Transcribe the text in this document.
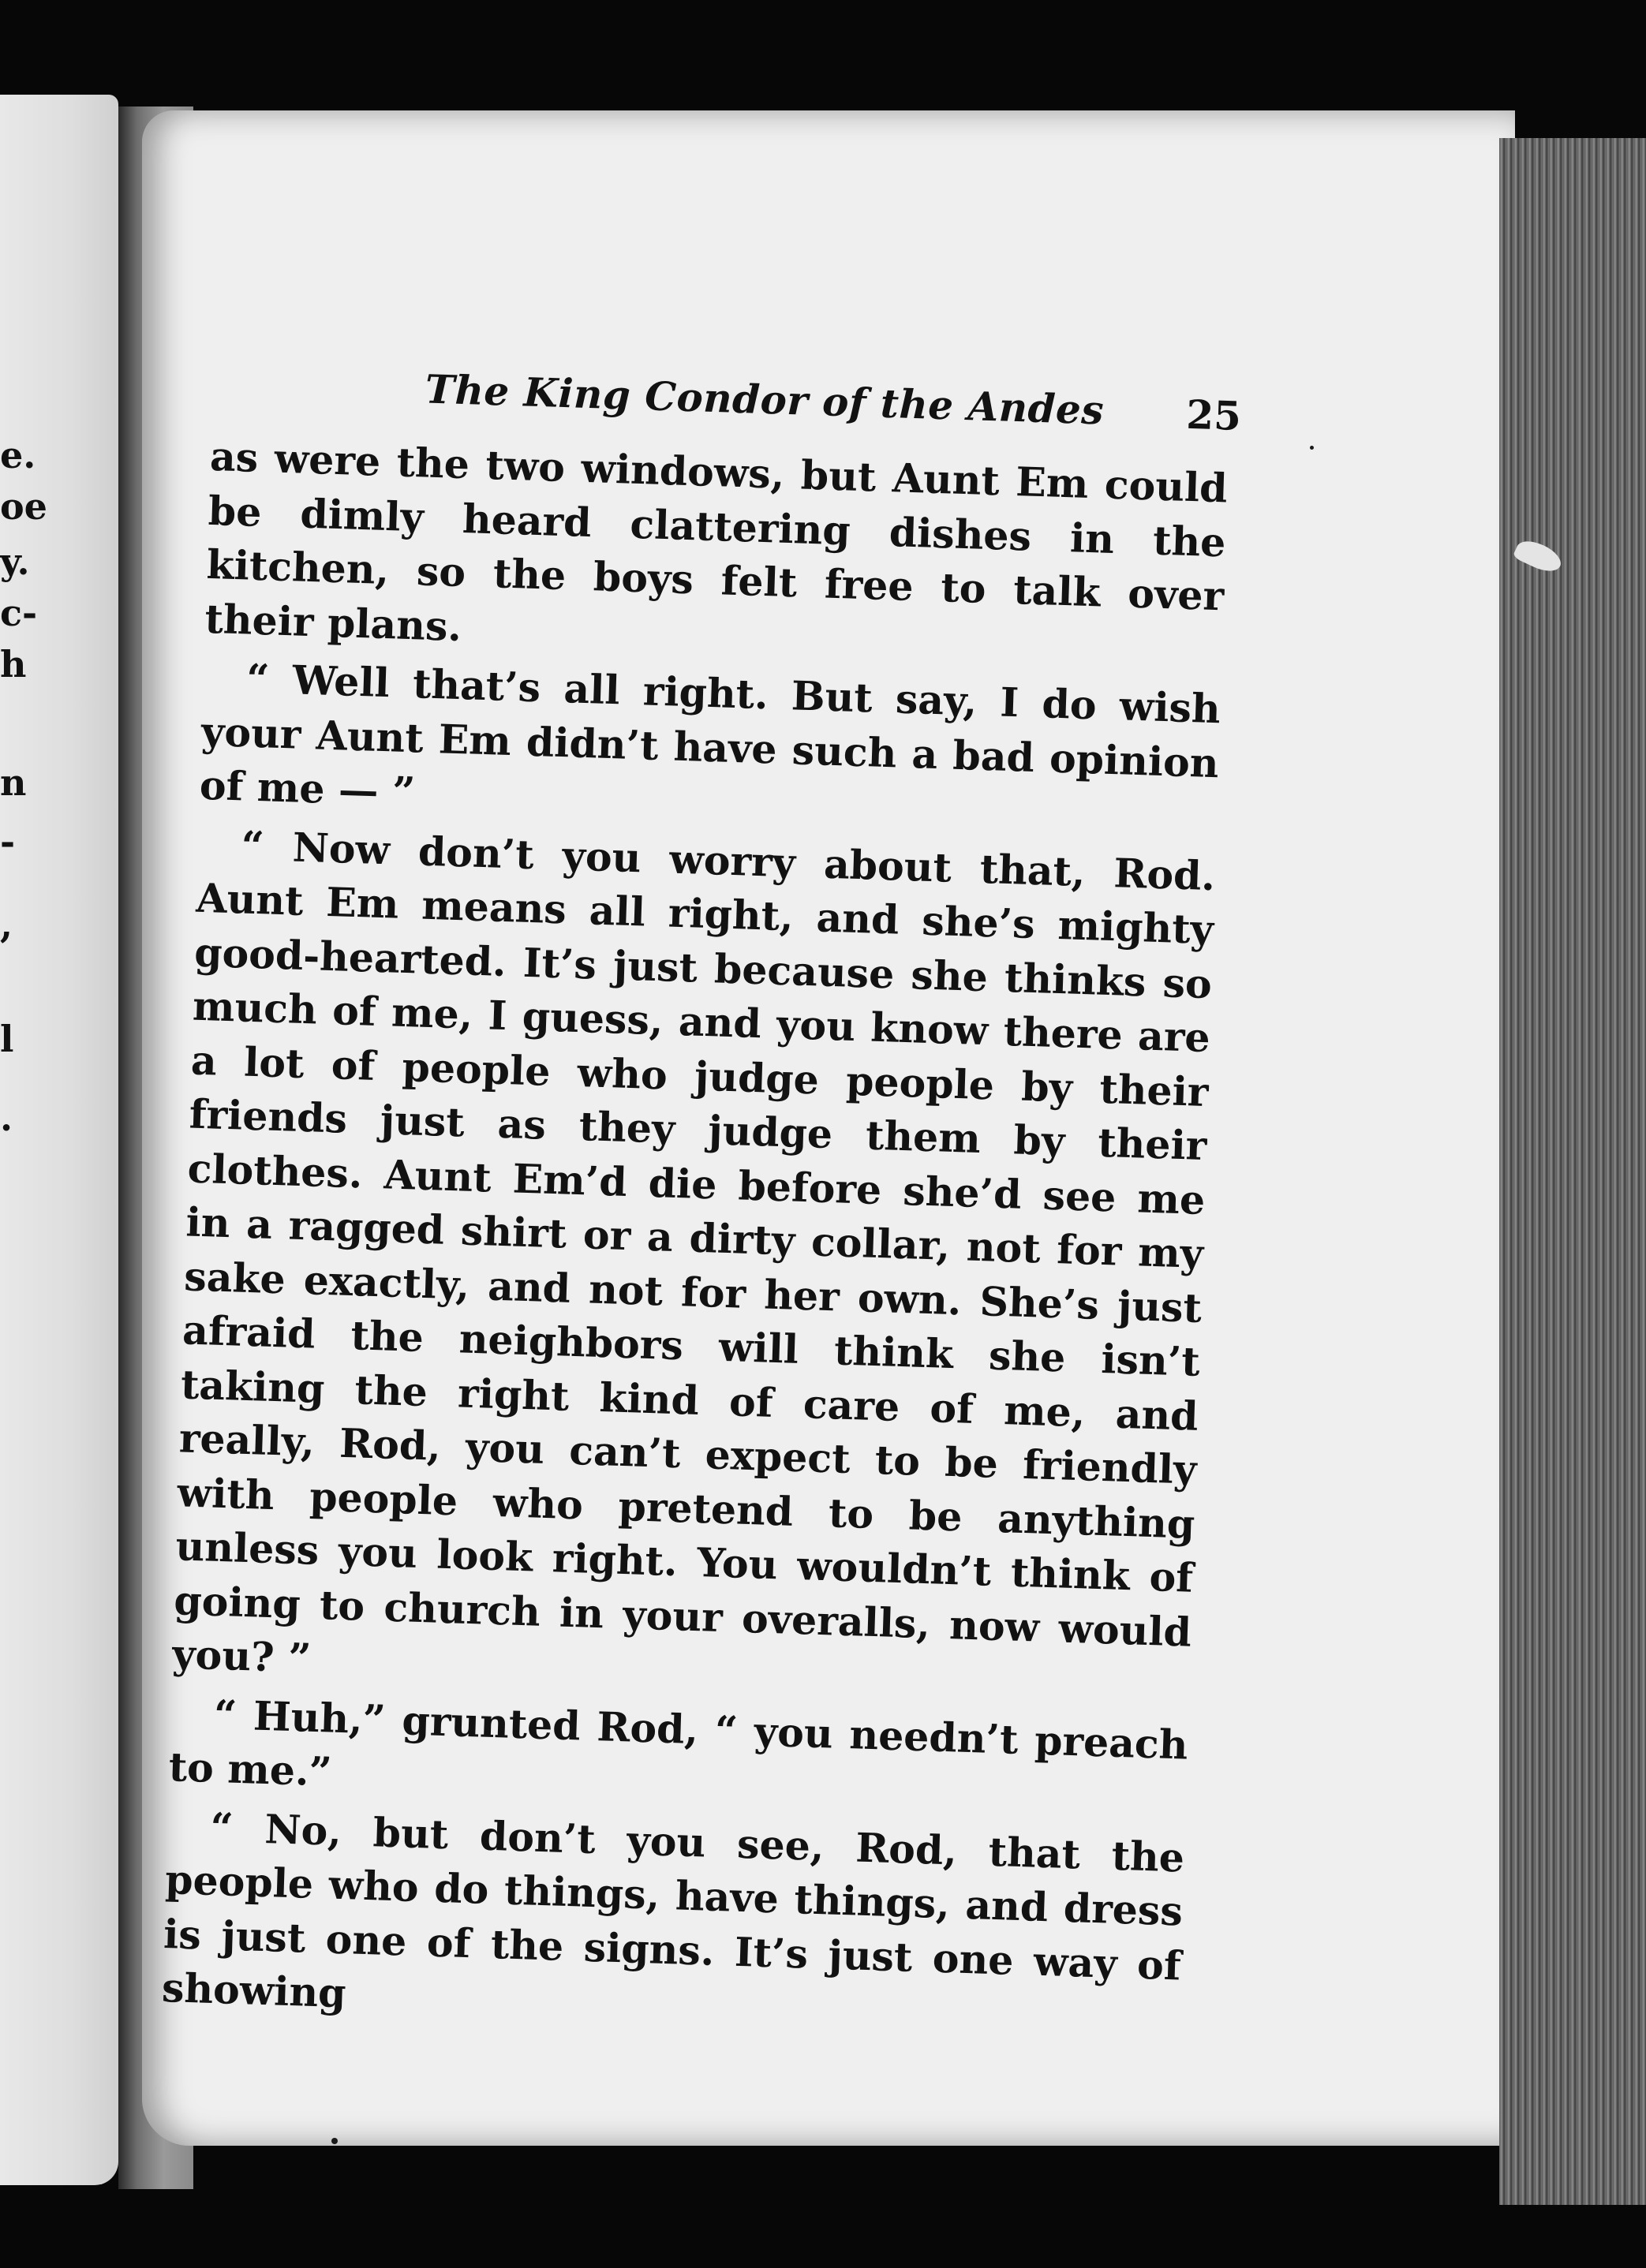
e.
oe
y.
c-
h
n
-
,
l
.
The King Condor of the Andes 25

as were the two windows, but Aunt Em could be dimly heard clattering dishes in the kitchen, so the boys felt free to talk over their plans.

“ Well that’s all right. But say, I do wish your Aunt Em didn’t have such a bad opinion of me — ”

“ Now don’t you worry about that, Rod. Aunt Em means all right, and she’s mighty good-hearted. It’s just because she thinks so much of me, I guess, and you know there are a lot of people who judge people by their friends just as they judge them by their clothes. Aunt Em’d die before she’d see me in a ragged shirt or a dirty collar, not for my sake exactly, and not for her own. She’s just afraid the neighbors will think she isn’t taking the right kind of care of me, and really, Rod, you can’t expect to be friendly with people who pretend to be anything unless you look right. You wouldn’t think of going to church in your overalls, now would you? ”

“ Huh,” grunted Rod, “ you needn’t preach to me.”

“ No, but don’t you see, Rod, that the people who do things, have things, and dress is just one of the signs. It’s just one way of showing
